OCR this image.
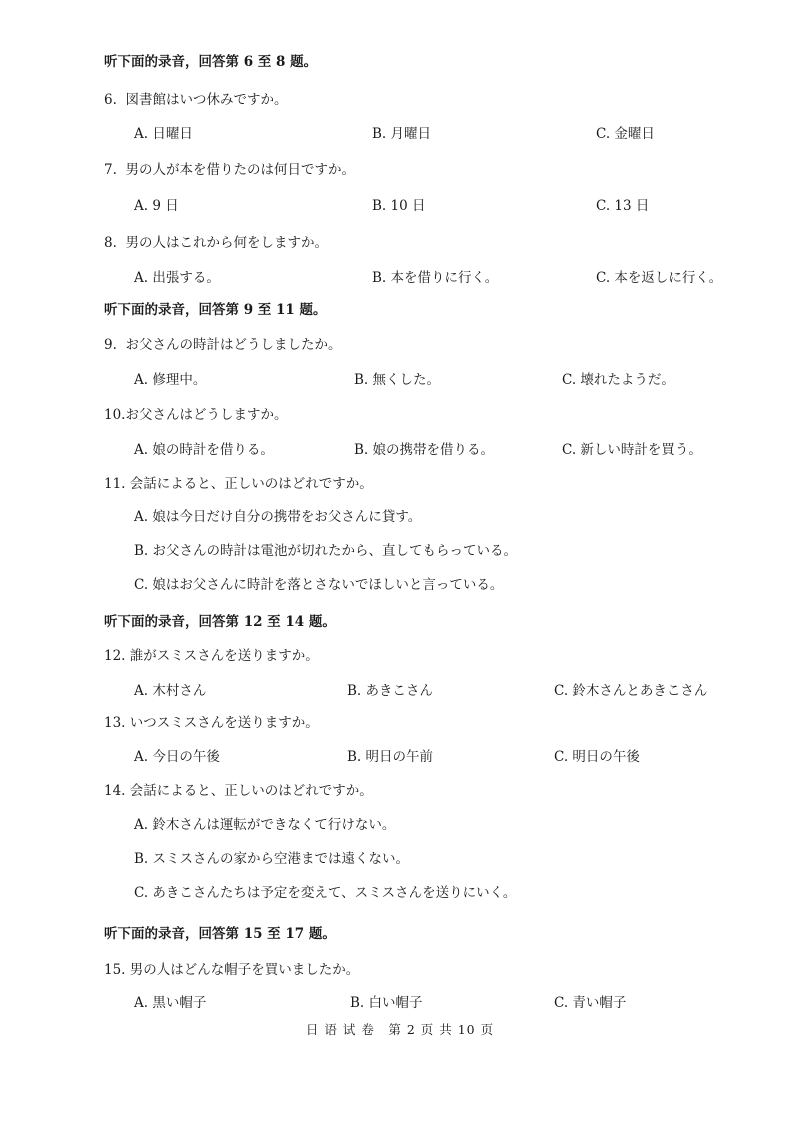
听下面的录音，回答第 6 至 8 题。
6. 図書館はいつ休みですか。
A. 日曜日	B. 月曜日	C. 金曜日
7. 男の人が本を借りたのは何日ですか。
A. 9 日	B. 10 日	C. 13 日
8. 男の人はこれから何をしますか。
A. 出張する。	B. 本を借りに行く。	C. 本を返しに行く。
听下面的录音，回答第 9 至 11 题。
9. お父さんの時計はどうしましたか。
A. 修理中。	B. 無くした。	C. 壊れたようだ。
10.お父さんはどうしますか。
A. 娘の時計を借りる。	B. 娘の携帯を借りる。	C. 新しい時計を買う。
11. 会話によると、正しいのはどれですか。
A. 娘は今日だけ自分の携帯をお父さんに貸す。
B. お父さんの時計は電池が切れたから、直してもらっている。
C. 娘はお父さんに時計を落とさないでほしいと言っている。
听下面的录音，回答第 12 至 14 题。
12. 誰がスミスさんを送りますか。
A. 木村さん	B. あきこさん	C. 鈴木さんとあきこさん
13. いつスミスさんを送りますか。
A. 今日の午後	B. 明日の午前	C. 明日の午後
14. 会話によると、正しいのはどれですか。
A. 鈴木さんは運転ができなくて行けない。
B. スミスさんの家から空港までは遠くない。
C. あきこさんたちは予定を変えて、スミスさんを送りにいく。
听下面的录音，回答第 15 至 17 题。
15. 男の人はどんな帽子を買いましたか。
A. 黒い帽子	B. 白い帽子	C. 青い帽子
日 语 试 卷　第 2 页 共 10 页
